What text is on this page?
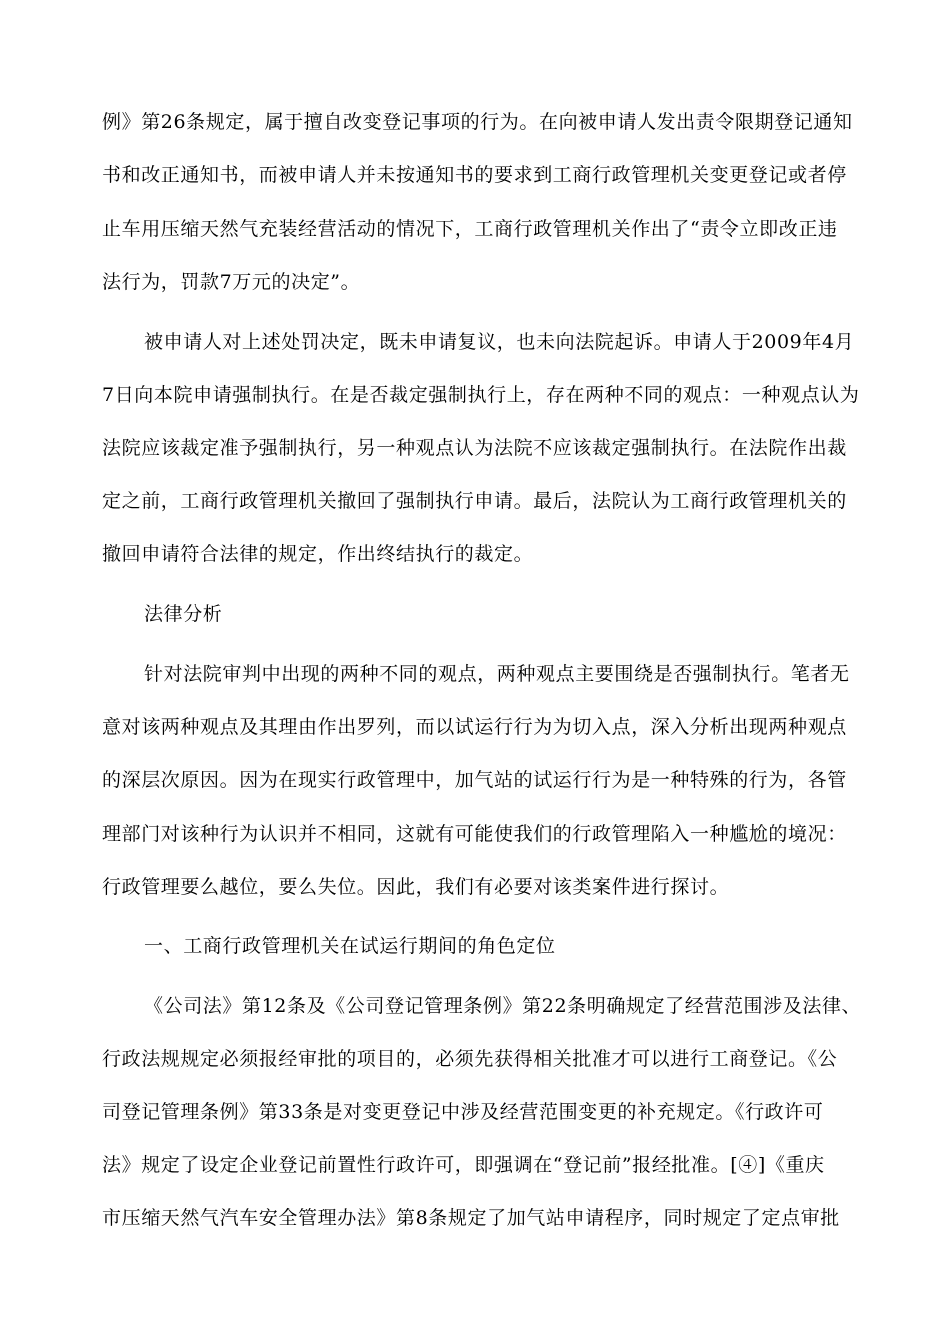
例》第26条规定，属于擅自改变登记事项的行为。在向被申请人发出责令限期登记通知
书和改正通知书，而被申请人并未按通知书的要求到工商行政管理机关变更登记或者停
止车用压缩天然气充装经营活动的情况下，工商行政管理机关作出了“责令立即改正违
法行为，罚款7万元的决定”。
被申请人对上述处罚决定，既未申请复议，也未向法院起诉。申请人于2009年4月
7日向本院申请强制执行。在是否裁定强制执行上，存在两种不同的观点：一种观点认为
法院应该裁定准予强制执行，另一种观点认为法院不应该裁定强制执行。在法院作出裁
定之前，工商行政管理机关撤回了强制执行申请。最后，法院认为工商行政管理机关的
撤回申请符合法律的规定，作出终结执行的裁定。
法律分析
针对法院审判中出现的两种不同的观点，两种观点主要围绕是否强制执行。笔者无
意对该两种观点及其理由作出罗列，而以试运行行为为切入点，深入分析出现两种观点
的深层次原因。因为在现实行政管理中，加气站的试运行行为是一种特殊的行为，各管
理部门对该种行为认识并不相同，这就有可能使我们的行政管理陷入一种尴尬的境况：
行政管理要么越位，要么失位。因此，我们有必要对该类案件进行探讨。
一、工商行政管理机关在试运行期间的角色定位
《公司法》第12条及《公司登记管理条例》第22条明确规定了经营范围涉及法律、
行政法规规定必须报经审批的项目的，必须先获得相关批准才可以进行工商登记。《公
司登记管理条例》第33条是对变更登记中涉及经营范围变更的补充规定。《行政许可
法》规定了设定企业登记前置性行政许可，即强调在“登记前”报经批准。[④]《重庆
市压缩天然气汽车安全管理办法》第8条规定了加气站申请程序，同时规定了定点审批
